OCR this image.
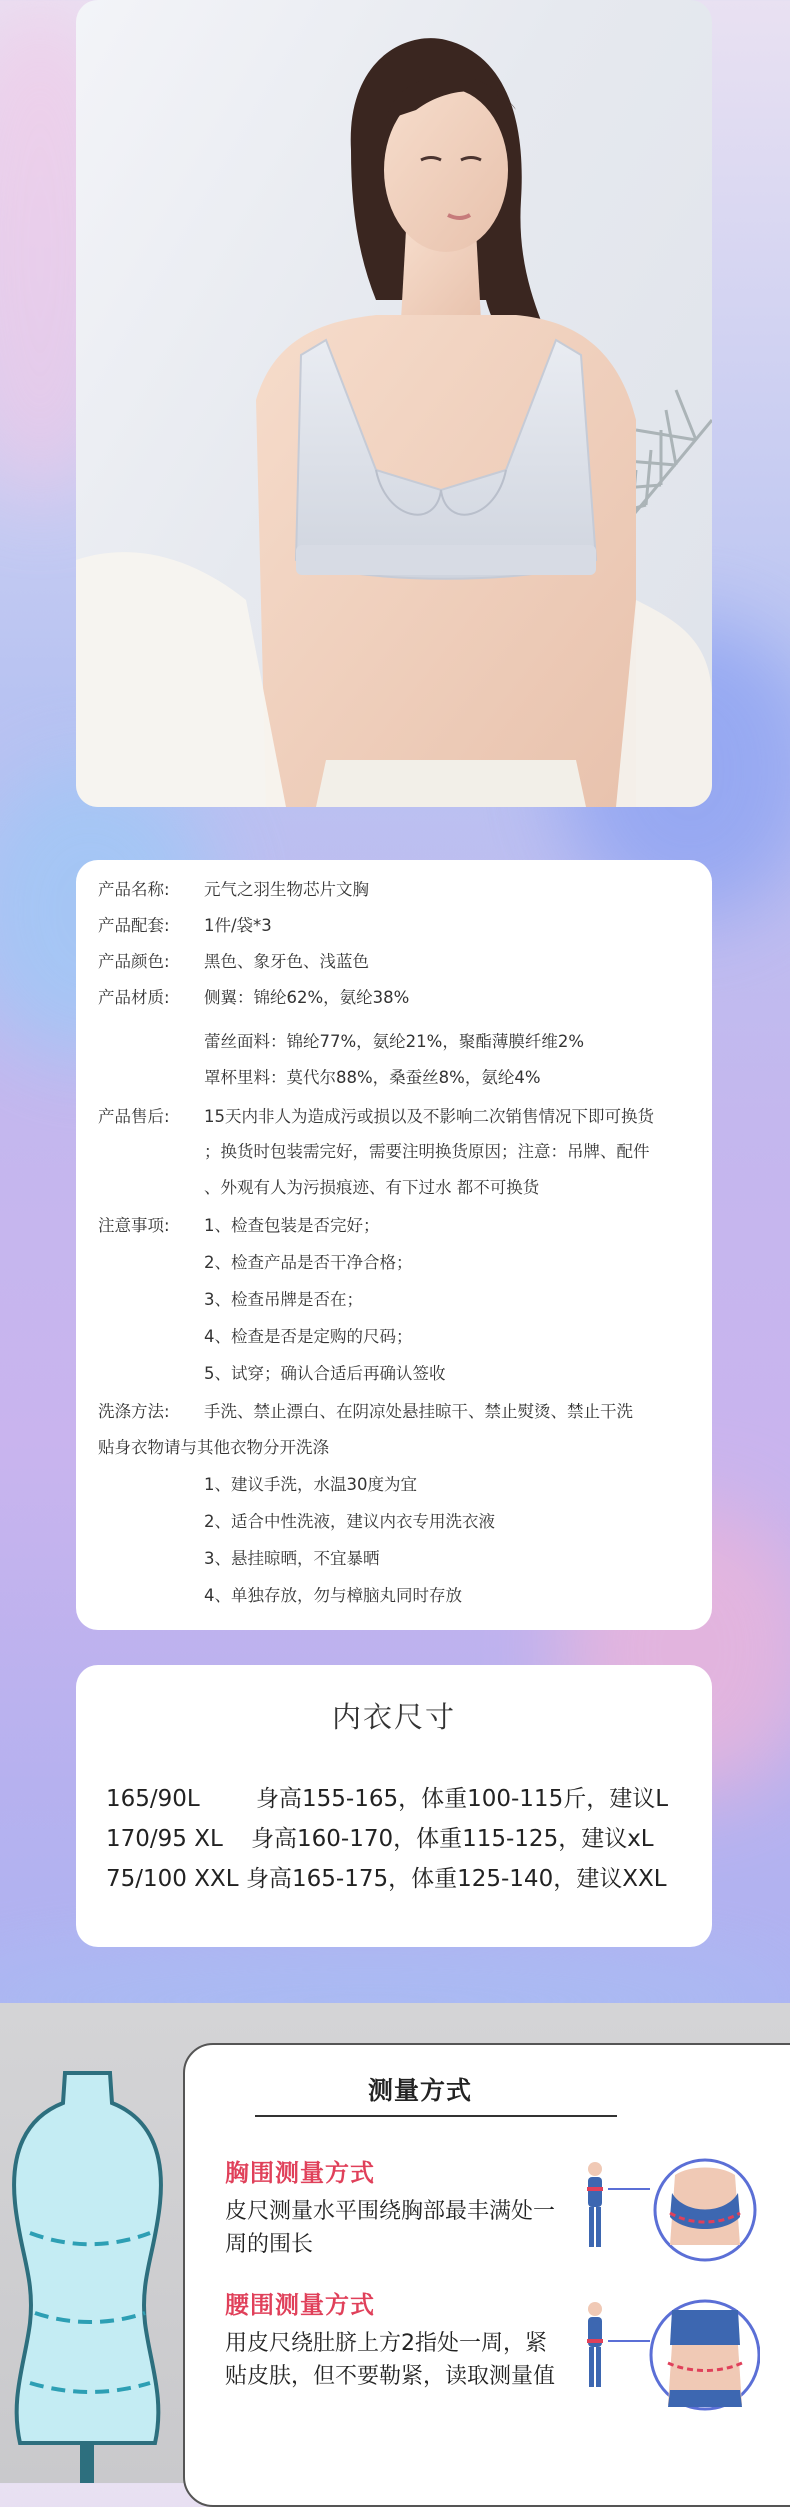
产品名称: 元气之羽生物芯片文胸
产品配套: 1件/袋*3
产品颜色: 黑色、象牙色、浅蓝色
产品材质: 侧翼：锦纶62%，氨纶38%
蕾丝面料：锦纶77%，氨纶21%，聚酯薄膜纤维2%
罩杯里料：莫代尔88%，桑蚕丝8%，氨纶4%
产品售后: 15天内非人为造成污或损以及不影响二次销售情况下即可换货
；换货时包装需完好，需要注明换货原因；注意：吊牌、配件
、外观有人为污损痕迹、有下过水 都不可换货
注意事项: 1、检查包装是否完好；
2、检查产品是否干净合格；
3、检查吊牌是否在；
4、检查是否是定购的尺码；
5、试穿；确认合适后再确认签收
洗涤方法: 手洗、禁止漂白、在阴凉处悬挂晾干、禁止熨烫、禁止干洗
贴身衣物请与其他衣物分开洗涤
1、建议手洗，水温30度为宜
2、适合中性洗液，建议内衣专用洗衣液
3、悬挂晾晒，不宜暴晒
4、单独存放，勿与樟脑丸同时存放
内衣尺寸
165/90L 身高155-165，体重100-115斤，建议L
170/95 XL 身高160-170，体重115-125，建议xL
75/100 XXL 身高165-175，体重125-140，建议XXL
测量方式
胸围测量方式
皮尺测量水平围绕胸部最丰满处一周的围长
腰围测量方式
用皮尺绕肚脐上方2指处一周，紧贴皮肤，但不要勒紧，读取测量值
